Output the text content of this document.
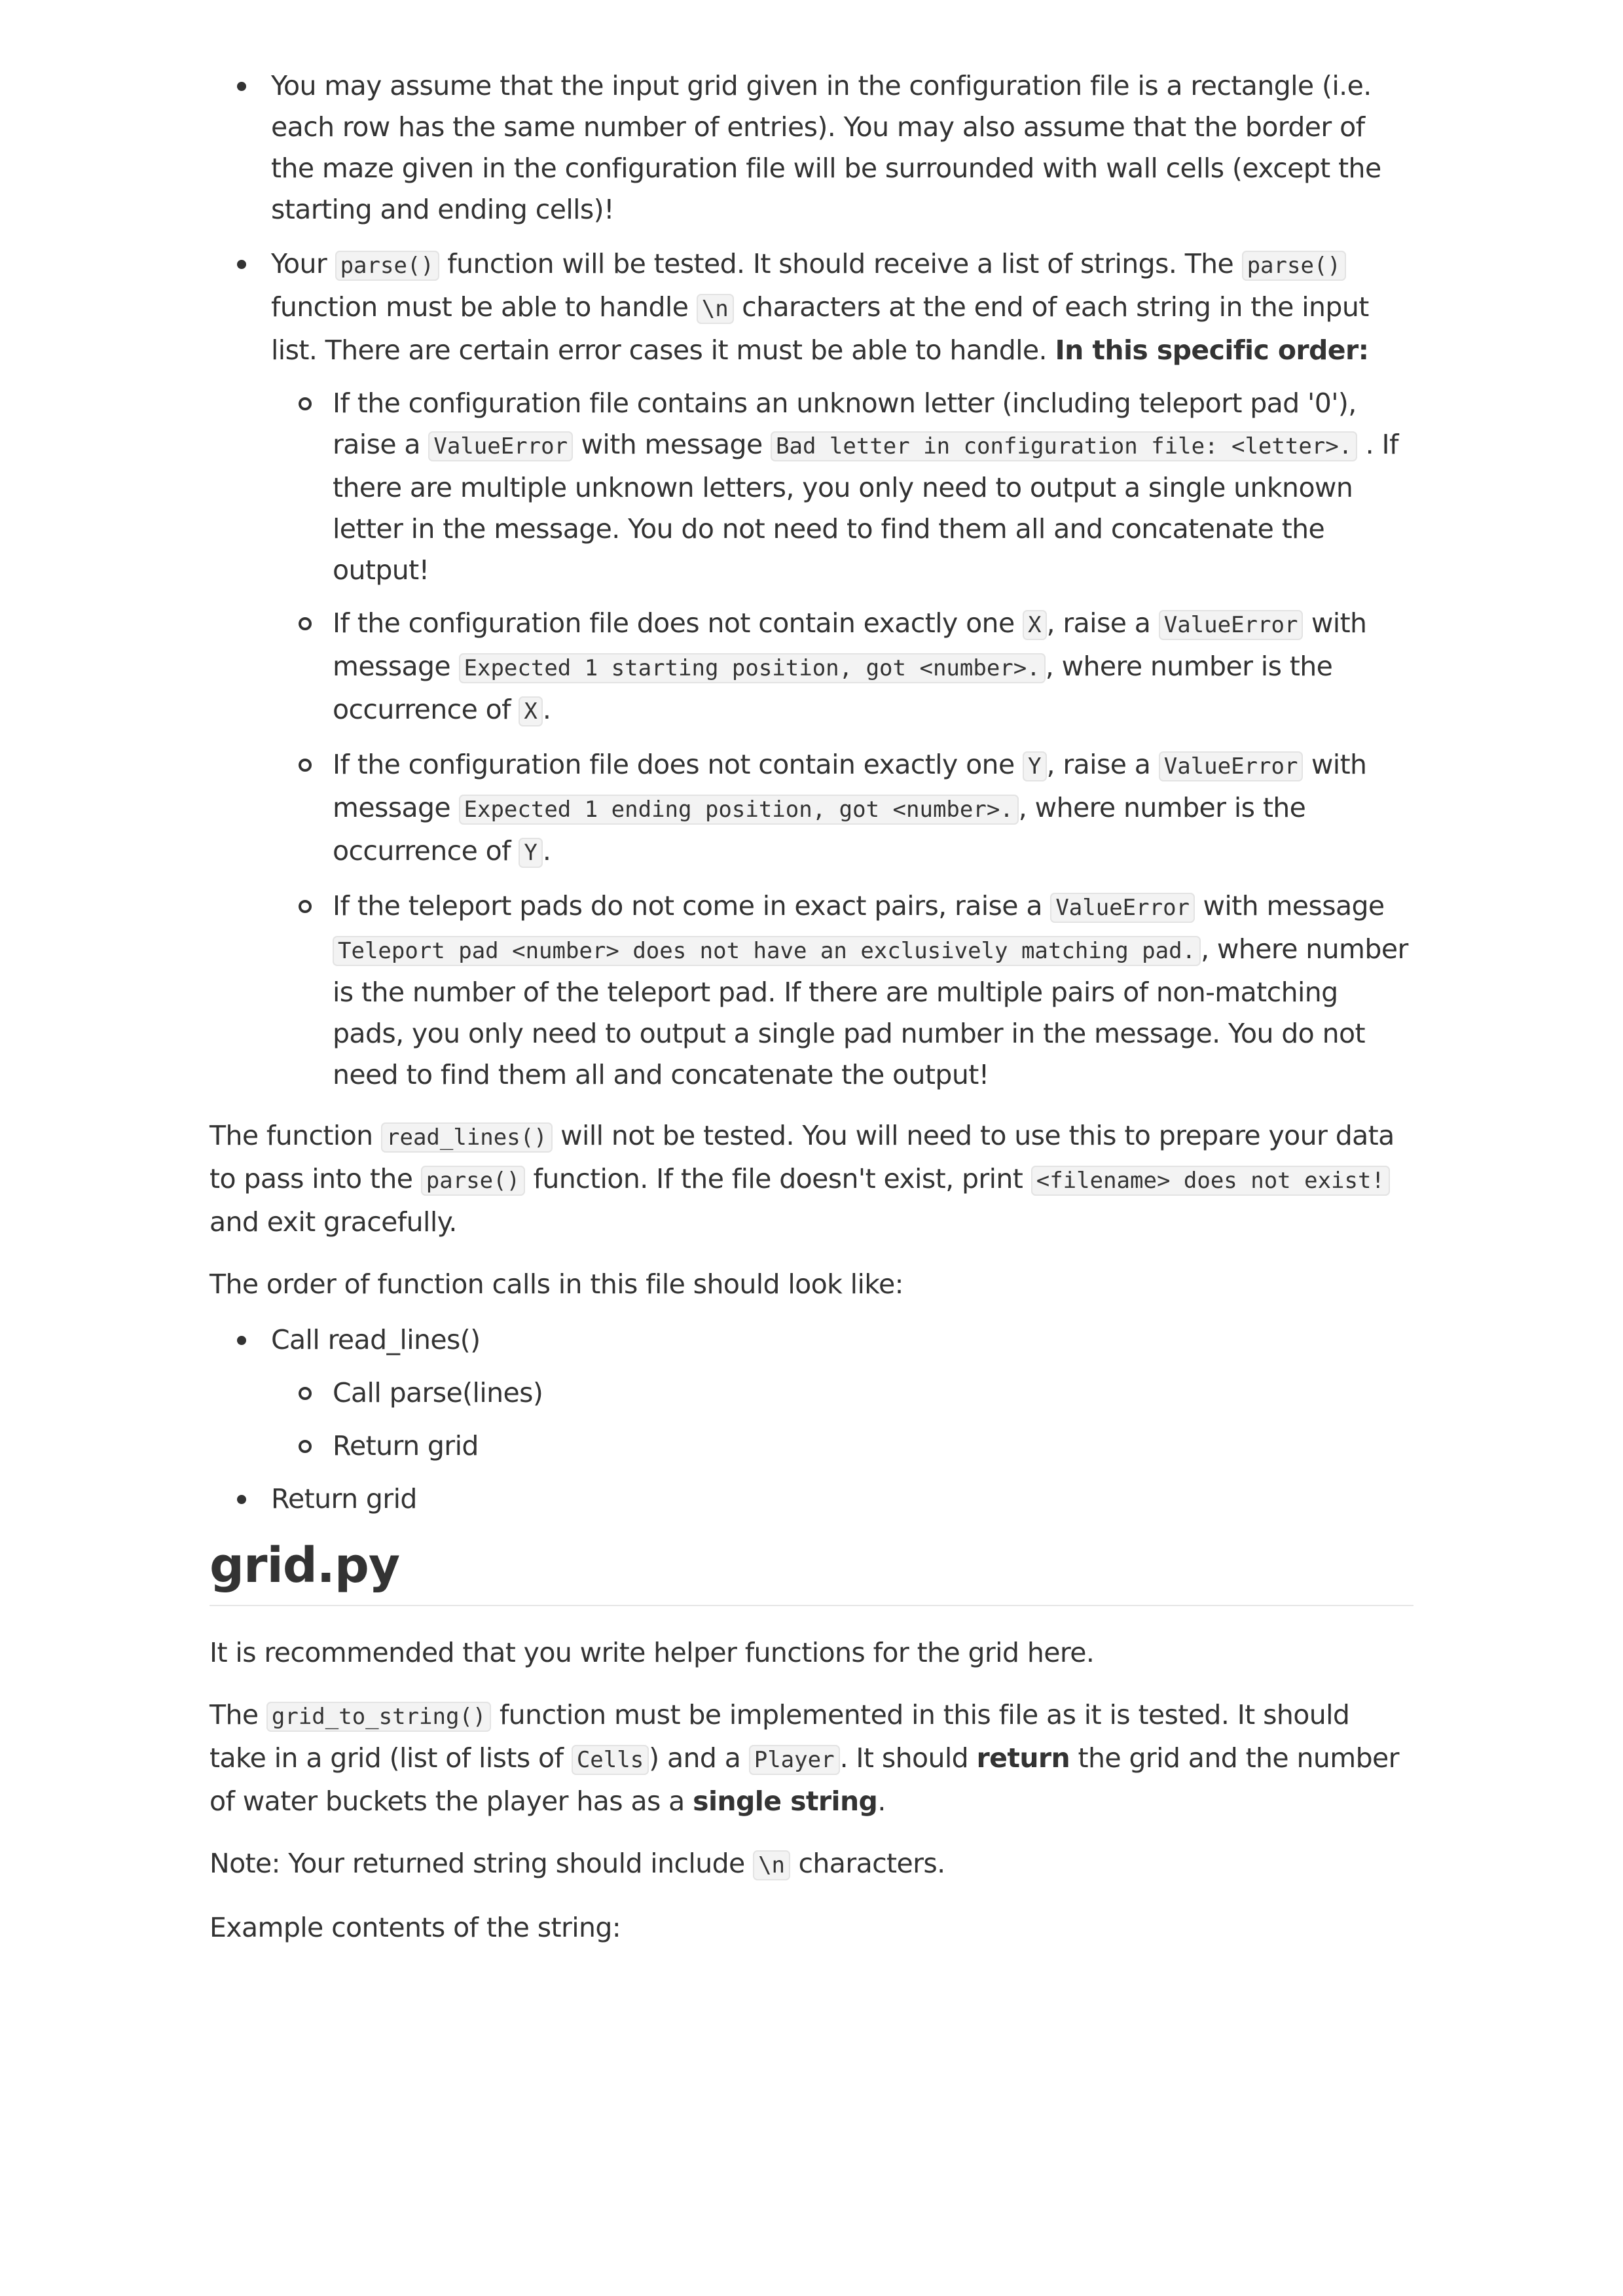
You may assume that the input grid given in the configuration file is a rectangle (i.e. each row has the same number of entries). You may also assume that the border of the maze given in the configuration file will be surrounded with wall cells (except the starting and ending cells)!
Your parse() function will be tested. It should receive a list of strings. The parse() function must be able to handle \n characters at the end of each string in the input list. There are certain error cases it must be able to handle. In this specific order:
If the configuration file contains an unknown letter (including teleport pad '0'), raise a ValueError with message Bad letter in configuration file: <letter>. . If there are multiple unknown letters, you only need to output a single unknown letter in the message. You do not need to find them all and concatenate the output!
If the configuration file does not contain exactly one X , raise a ValueError with message Expected 1 starting position, got <number>. , where number is the occurrence of X .
If the configuration file does not contain exactly one Y , raise a ValueError with message Expected 1 ending position, got <number>. , where number is the occurrence of Y .
If the teleport pads do not come in exact pairs, raise a ValueError with message Teleport pad <number> does not have an exclusively matching pad. , where number is the number of the teleport pad. If there are multiple pairs of non-matching pads, you only need to output a single pad number in the message. You do not need to find them all and concatenate the output!

The function read_lines() will not be tested. You will need to use this to prepare your data to pass into the parse() function. If the file doesn't exist, print <filename> does not exist! and exit gracefully.

The order of function calls in this file should look like:

Call read_lines()
Call parse(lines)
Return grid
Return grid
grid.py

It is recommended that you write helper functions for the grid here.

The grid_to_string() function must be implemented in this file as it is tested. It should take in a grid (list of lists of Cells ) and a Player . It should return the grid and the number of water buckets the player has as a single string.

Note: Your returned string should include \n characters.

Example contents of the string:
